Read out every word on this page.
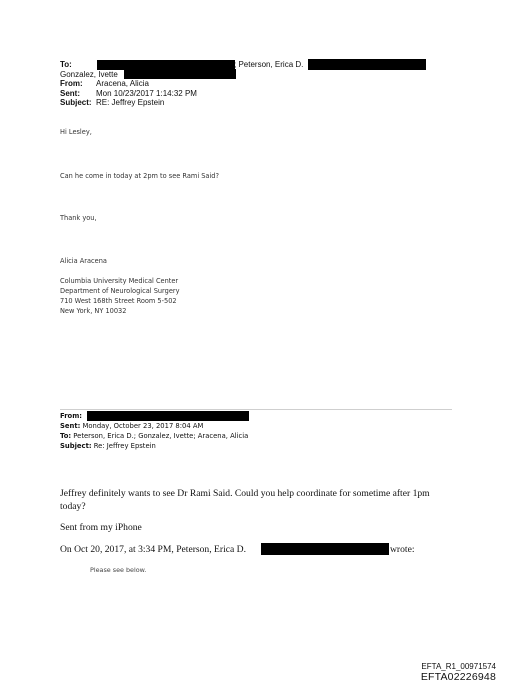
To:	; Peterson, Erica D.
Gonzalez, Ivette
From: Aracena, Alicia
Sent: Mon 10/23/2017 1:14:32 PM
Subject: RE: Jeffrey Epstein
Hi Lesley,
Can he come in today at 2pm to see Rami Said?
Thank you,
Alicia Aracena
Columbia University Medical Center
Department of Neurological Surgery
710 West 168th Street Room 5-502
New York, NY 10032
From:
Sent: Monday, October 23, 2017 8:04 AM
To: Peterson, Erica D.; Gonzalez, Ivette; Aracena, Alicia
Subject: Re: Jeffrey Epstein
Jeffrey definitely wants to see Dr Rami Said. Could you help coordinate for sometime after 1pm
today?
Sent from my iPhone
On Oct 20, 2017, at 3:34 PM, Peterson, Erica D.	wrote:
Please see below.
EFTA_R1_00971574
EFTA02226948
